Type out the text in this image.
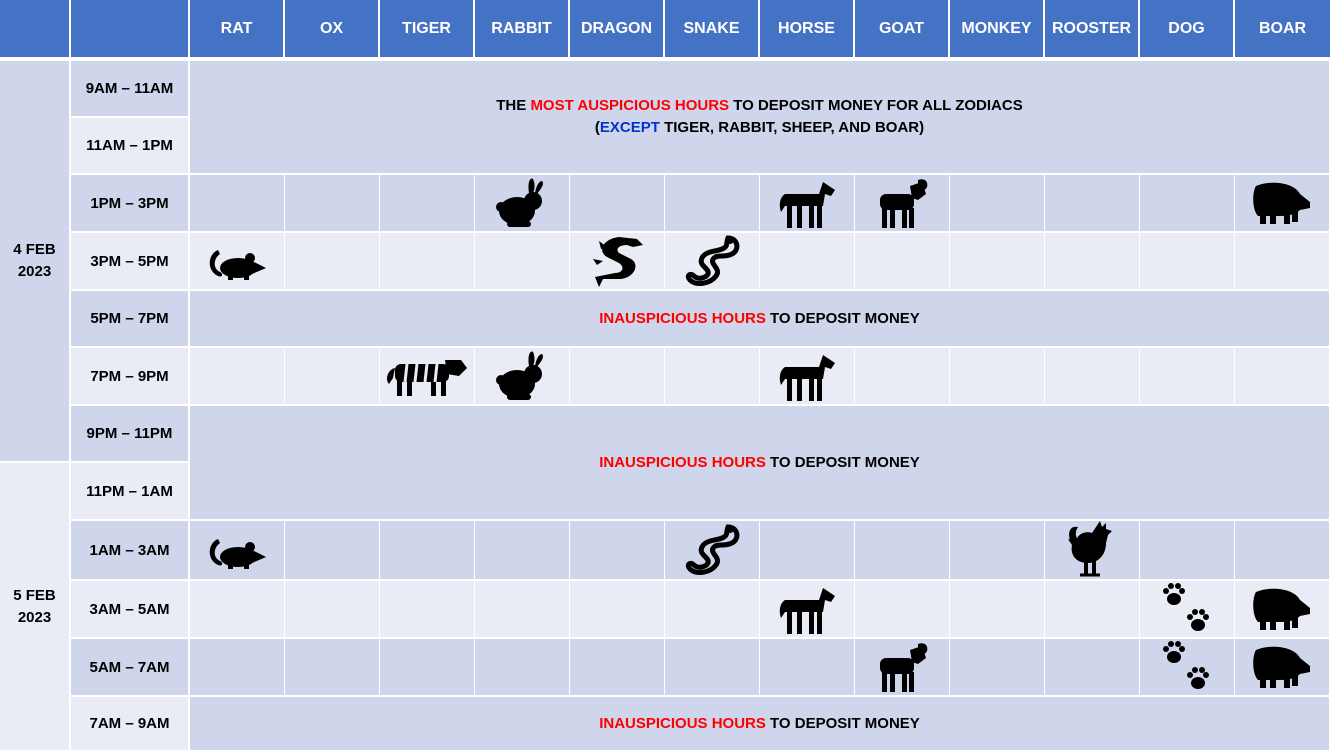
		RAT	OX	TIGER	RABBIT	DRAGON	SNAKE	HORSE	GOAT	MONKEY	ROOSTER	DOG	BOAR
4 FEB
2023	9AM – 11AM	THE MOST AUSPICIOUS HOURS TO DEPOSIT MONEY FOR ALL ZODIACS
(EXCEPT TIGER, RABBIT, SHEEP, AND BOAR)											
	11AM – 1PM												
	1PM – 3PM				

	3PM – 5PM	

	5PM – 7PM	INAUSPICIOUS HOURS TO DEPOSIT MONEY											
	7PM – 9PM			

	9PM – 11PM	INAUSPICIOUS HOURS TO DEPOSIT MONEY											
5 FEB
2023	11PM – 1AM												
	1AM – 3AM	

	3AM – 5AM							

	5AM – 7AM								

	7AM – 9AM	INAUSPICIOUS HOURS TO DEPOSIT MONEY											
